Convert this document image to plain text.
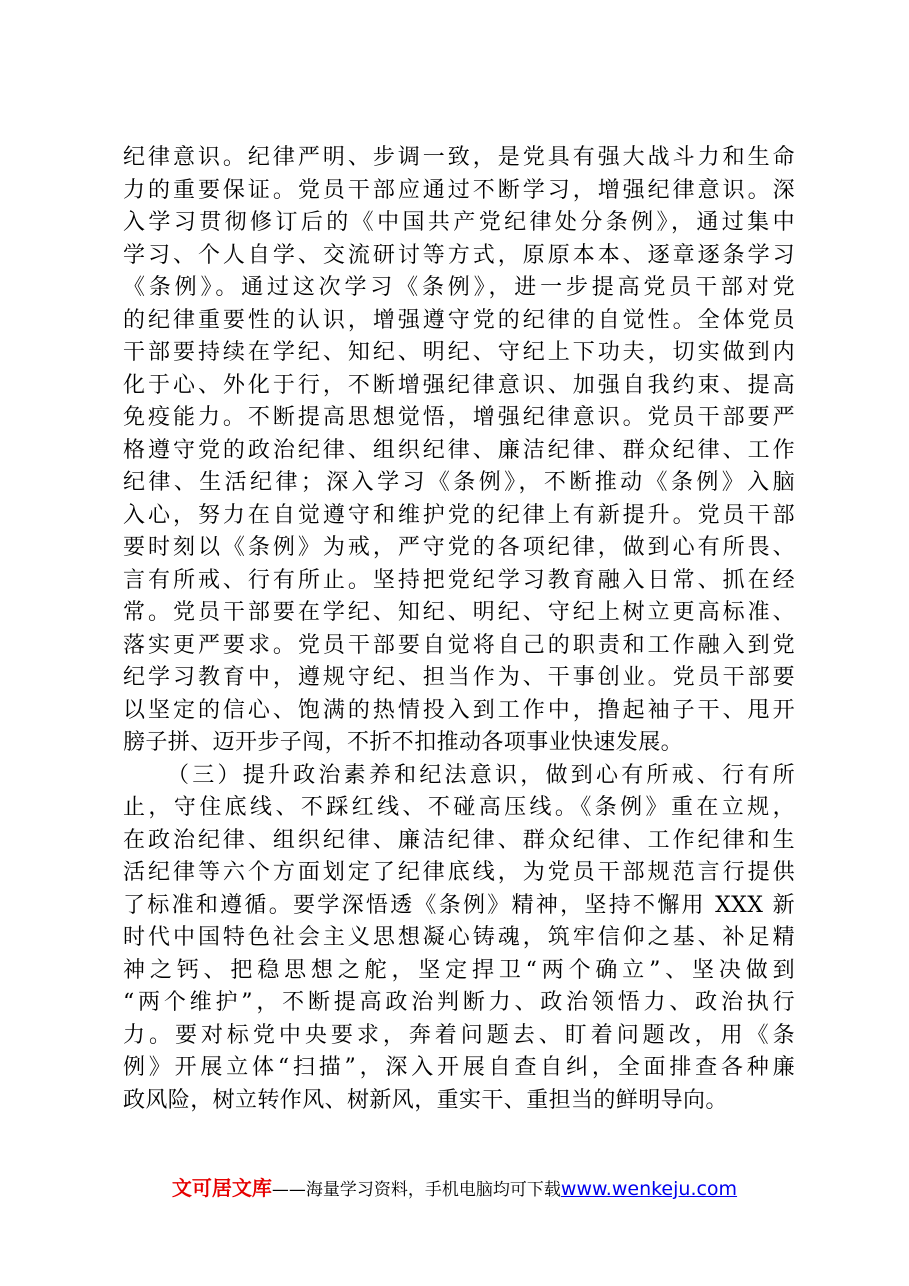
纪律意识。纪律严明、步调一致，是党具有强大战斗力和生命
力的重要保证。党员干部应通过不断学习，增强纪律意识。深
入学习贯彻修订后的《中国共产党纪律处分条例》，通过集中
学习、个人自学、交流研讨等方式，原原本本、逐章逐条学习
《条例》。通过这次学习《条例》，进一步提高党员干部对党
的纪律重要性的认识，增强遵守党的纪律的自觉性。全体党员
干部要持续在学纪、知纪、明纪、守纪上下功夫，切实做到内
化于心、外化于行，不断增强纪律意识、加强自我约束、提高
免疫能力。不断提高思想觉悟，增强纪律意识。党员干部要严
格遵守党的政治纪律、组织纪律、廉洁纪律、群众纪律、工作
纪律、生活纪律；深入学习《条例》，不断推动《条例》入脑
入心，努力在自觉遵守和维护党的纪律上有新提升。党员干部
要时刻以《条例》为戒，严守党的各项纪律，做到心有所畏、
言有所戒、行有所止。坚持把党纪学习教育融入日常、抓在经
常。党员干部要在学纪、知纪、明纪、守纪上树立更高标准、
落实更严要求。党员干部要自觉将自己的职责和工作融入到党
纪学习教育中，遵规守纪、担当作为、干事创业。党员干部要
以坚定的信心、饱满的热情投入到工作中，撸起袖子干、甩开
膀子拼、迈开步子闯，不折不扣推动各项事业快速发展。
（三）提升政治素养和纪法意识，做到心有所戒、行有所
止，守住底线、不踩红线、不碰高压线。《条例》重在立规，
在政治纪律、组织纪律、廉洁纪律、群众纪律、工作纪律和生
活纪律等六个方面划定了纪律底线，为党员干部规范言行提供
了标准和遵循。要学深悟透《条例》精神，坚持不懈用 XXX 新
时代中国特色社会主义思想凝心铸魂，筑牢信仰之基、补足精
神之钙、把稳思想之舵，坚定捍卫“两个确立”、坚决做到
“两个维护”，不断提高政治判断力、政治领悟力、政治执行
力。要对标党中央要求，奔着问题去、盯着问题改，用《条
例》开展立体“扫描”，深入开展自查自纠，全面排查各种廉
政风险，树立转作风、树新风，重实干、重担当的鲜明导向。
文可居文库——海量学习资料，手机电脑均可下载www.wenkeju.com
